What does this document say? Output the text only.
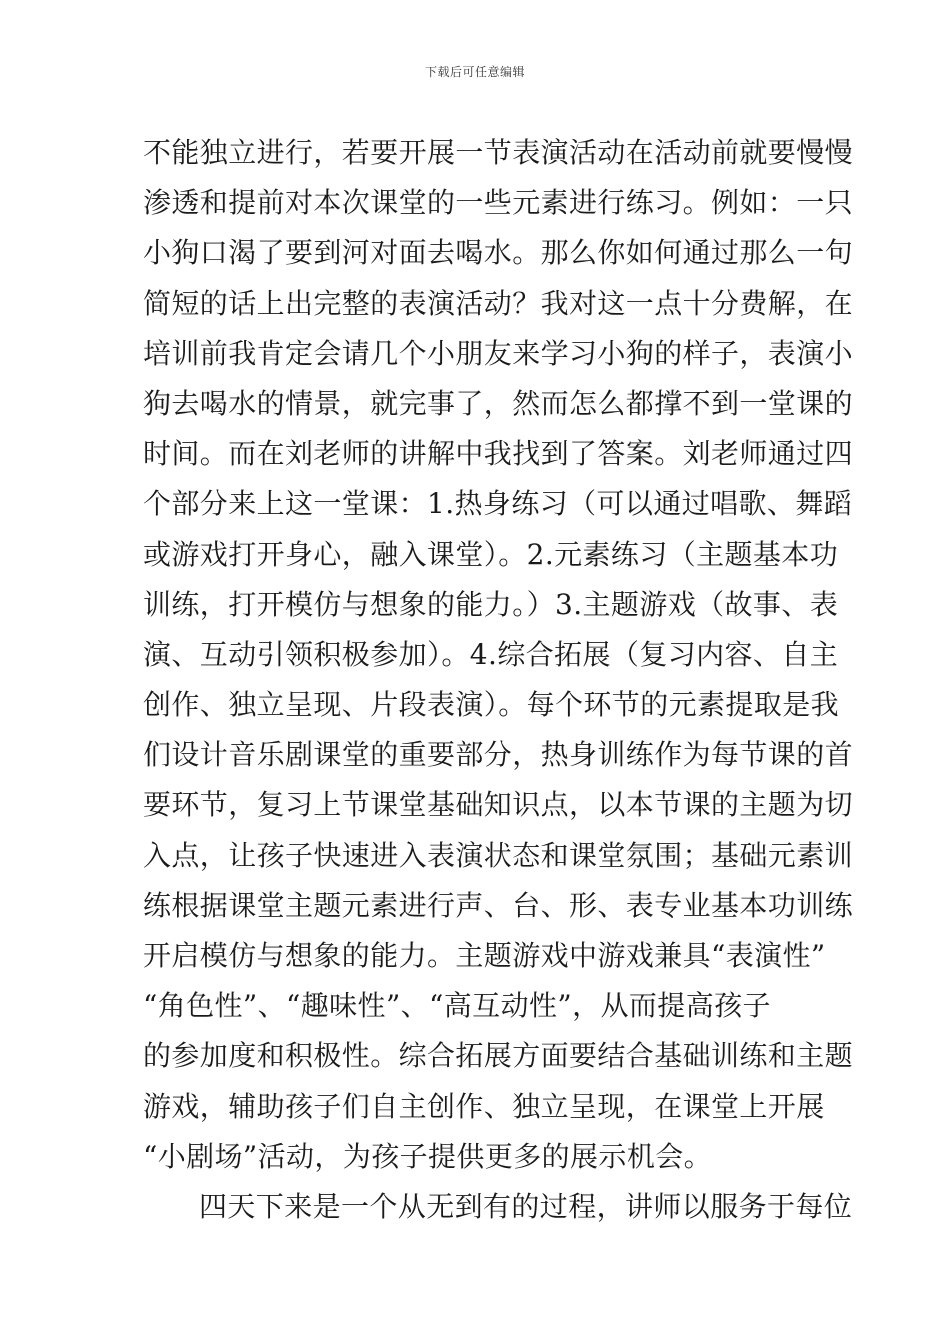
下载后可任意编辑
不能独立进行，若要开展一节表演活动在活动前就要慢慢
渗透和提前对本次课堂的一些元素进行练习。例如：一只
小狗口渴了要到河对面去喝水。那么你如何通过那么一句
简短的话上出完整的表演活动？我对这一点十分费解，在
培训前我肯定会请几个小朋友来学习小狗的样子，表演小
狗去喝水的情景，就完事了，然而怎么都撑不到一堂课的
时间。而在刘老师的讲解中我找到了答案。刘老师通过四
个部分来上这一堂课：1.热身练习（可以通过唱歌、舞蹈
或游戏打开身心，融入课堂）。2.元素练习（主题基本功
训练，打开模仿与想象的能力。）3.主题游戏（故事、表
演、互动引领积极参加）。4.综合拓展（复习内容、自主
创作、独立呈现、片段表演）。每个环节的元素提取是我
们设计音乐剧课堂的重要部分，热身训练作为每节课的首
要环节，复习上节课堂基础知识点，以本节课的主题为切
入点，让孩子快速进入表演状态和课堂氛围；基础元素训
练根据课堂主题元素进行声、台、形、表专业基本功训练
开启模仿与想象的能力。主题游戏中游戏兼具“表演性”
“角色性”、“趣味性”、“高互动性”，从而提高孩子
的参加度和积极性。综合拓展方面要结合基础训练和主题
游戏，辅助孩子们自主创作、独立呈现，在课堂上开展
“小剧场”活动，为孩子提供更多的展示机会。
四天下来是一个从无到有的过程，讲师以服务于每位
